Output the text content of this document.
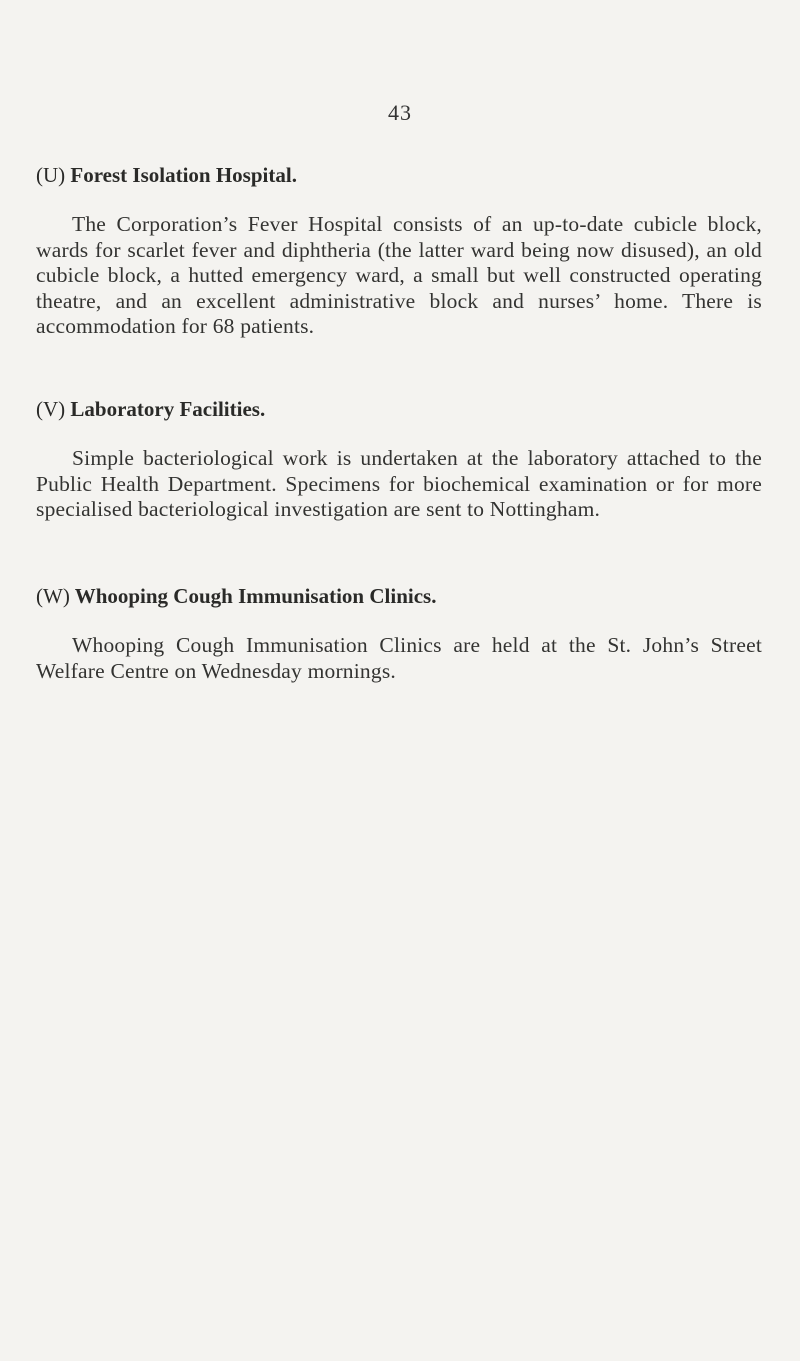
43
(U) Forest Isolation Hospital.

The Corporation’s Fever Hospital consists of an up-to-date cubicle block, wards for scarlet fever and diphtheria (the latter ward being now disused), an old cubicle block, a hutted emergency ward, a small but well constructed operating theatre, and an excellent administrative block and nurses’ home. There is accommodation for 68 patients.

(V) Laboratory Facilities.

Simple bacteriological work is undertaken at the laboratory attached to the Public Health Department. Specimens for biochemical examination or for more specialised bacteriological investigation are sent to Nottingham.

(W) Whooping Cough Immunisation Clinics.

Whooping Cough Immunisation Clinics are held at the St. John’s Street Welfare Centre on Wednesday mornings.
